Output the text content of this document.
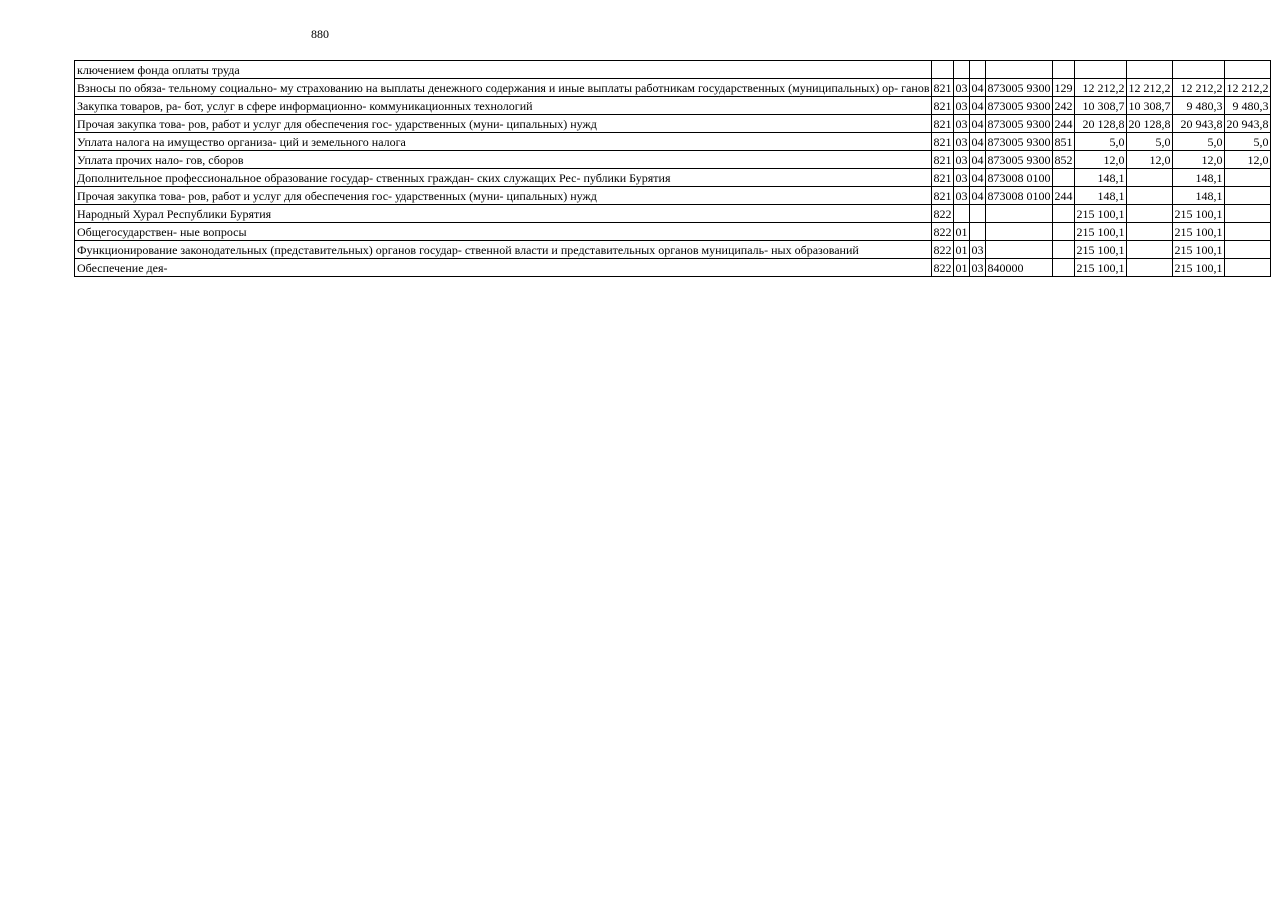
880
ключением фонда оплаты труда									
Взносы по обяза- тельному социально- му страхованию на выплаты денежного содержания и иные выплаты работникам государственных (муниципальных) ор- ганов	821	03	04	873005 9300	129	12 212,2	12 212,2	12 212,2	12 212,2
Закупка товаров, ра- бот, услуг в сфере информационно- коммуникационных технологий	821	03	04	873005 9300	242	10 308,7	10 308,7	9 480,3	9 480,3
Прочая закупка това- ров, работ и услуг для обеспечения гос- ударственных (муни- ципальных) нужд	821	03	04	873005 9300	244	20 128,8	20 128,8	20 943,8	20 943,8
Уплата налога на имущество организа- ций и земельного налога	821	03	04	873005 9300	851	5,0	5,0	5,0	5,0
Уплата прочих нало- гов, сборов	821	03	04	873005 9300	852	12,0	12,0	12,0	12,0
Дополнительное профессиональное образование государ- ственных граждан- ских служащих Рес- публики Бурятия	821	03	04	873008 0100		148,1		148,1	
Прочая закупка това- ров, работ и услуг для обеспечения гос- ударственных (муни- ципальных) нужд	821	03	04	873008 0100	244	148,1		148,1	
Народный Хурал Республики Бурятия	822					215 100,1		215 100,1	
Общегосударствен- ные вопросы	822	01				215 100,1		215 100,1	
Функционирование законодательных (представительных) органов государ- ственной власти и представительных органов муниципаль- ных образований	822	01	03			215 100,1		215 100,1	
Обеспечение дея-	822	01	03	840000		215 100,1		215 100,1	
